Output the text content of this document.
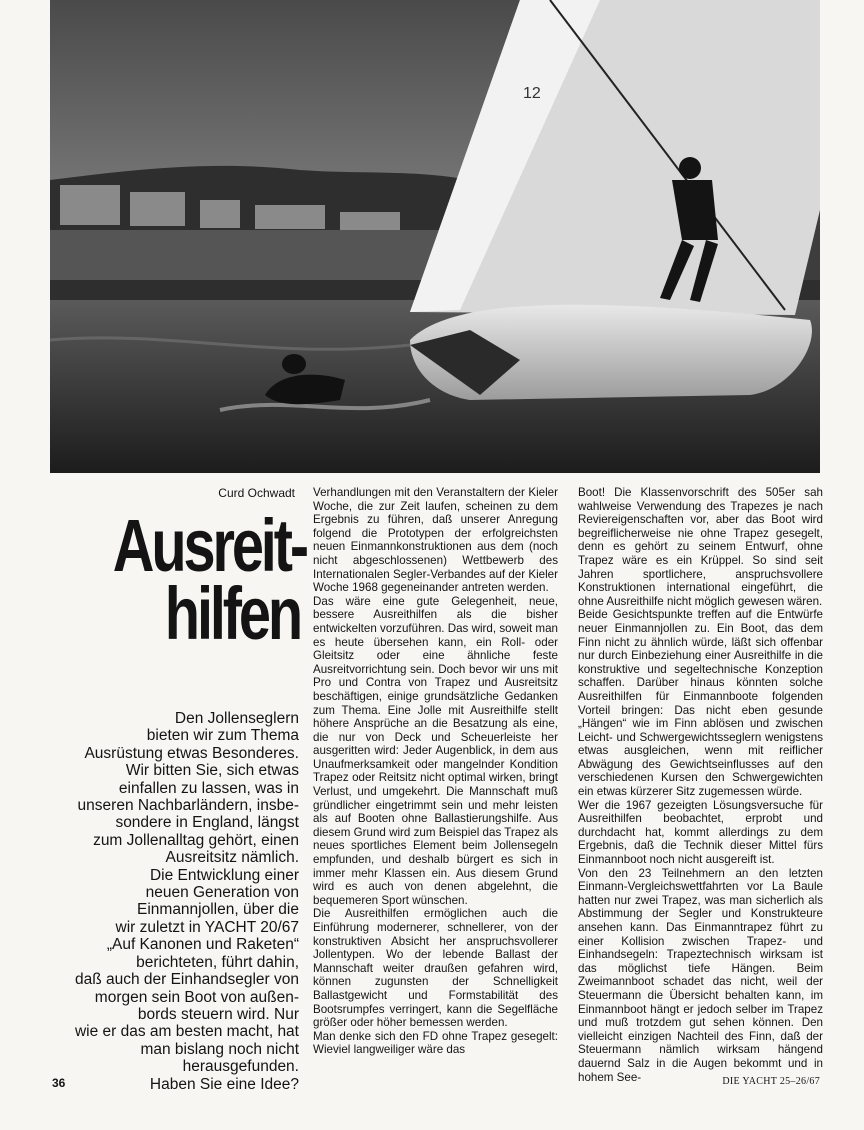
12
Curd Ochwadt
Ausreit-
hilfen
Den Jollenseglern
bieten wir zum Thema
Ausrüstung etwas Besonderes.
Wir bitten Sie, sich etwas
einfallen zu lassen, was in
unseren Nachbarländern, insbe-
sondere in England, längst
zum Jollenalltag gehört, einen
Ausreitsitz nämlich.
Die Entwicklung einer
neuen Generation von
Einmannjollen, über die
wir zuletzt in YACHT 20/67
„Auf Kanonen und Raketen“
berichteten, führt dahin,
daß auch der Einhandsegler von
morgen sein Boot von außen-
bords steuern wird. Nur
wie er das am besten macht, hat
man bislang noch nicht
herausgefunden.
Haben Sie eine Idee?

Verhandlungen mit den Veranstaltern der Kieler Woche, die zur Zeit laufen, scheinen zu dem Ergebnis zu führen, daß unserer Anregung folgend die Prototypen der erfolgreichsten neuen Einmannkonstruktionen aus dem (noch nicht abgeschlossenen) Wettbewerb des Internationalen Segler-Verbandes auf der Kieler Woche 1968 gegeneinander antreten werden.

Das wäre eine gute Gelegenheit, neue, bessere Ausreithilfen als die bisher entwickelten vorzuführen. Das wird, soweit man es heute übersehen kann, ein Roll- oder Gleitsitz oder eine ähnliche feste Ausreitvorrichtung sein. Doch bevor wir uns mit Pro und Contra von Trapez und Ausreitsitz beschäftigen, einige grundsätzliche Gedanken zum Thema. Eine Jolle mit Ausreithilfe stellt höhere Ansprüche an die Besatzung als eine, die nur von Deck und Scheuerleiste her ausgeritten wird: Jeder Augenblick, in dem aus Unaufmerksamkeit oder mangelnder Kondition Trapez oder Reitsitz nicht optimal wirken, bringt Verlust, und umgekehrt. Die Mannschaft muß gründlicher eingetrimmt sein und mehr leisten als auf Booten ohne Ballastierungshilfe. Aus diesem Grund wird zum Beispiel das Trapez als neues sportliches Element beim Jollensegeln empfunden, und deshalb bürgert es sich in immer mehr Klassen ein. Aus diesem Grund wird es auch von denen abgelehnt, die bequemeren Sport wünschen.

Die Ausreithilfen ermöglichen auch die Einführung modernerer, schnellerer, von der konstruktiven Absicht her anspruchsvollerer Jollentypen. Wo der lebende Ballast der Mannschaft weiter draußen gefahren wird, können zugunsten der Schnelligkeit Ballastgewicht und Formstabilität des Bootsrumpfes verringert, kann die Segelfläche größer oder höher bemessen werden.

Man denke sich den FD ohne Trapez gesegelt: Wieviel langweiliger wäre das

Boot! Die Klassenvorschrift des 505er sah wahlweise Verwendung des Trapezes je nach Reviereigenschaften vor, aber das Boot wird begreiflicherweise nie ohne Trapez gesegelt, denn es gehört zu seinem Entwurf, ohne Trapez wäre es ein Krüppel. So sind seit Jahren sportlichere, anspruchsvollere Konstruktionen international eingeführt, die ohne Ausreithilfe nicht möglich gewesen wären.

Beide Gesichtspunkte treffen auf die Entwürfe neuer Einmannjollen zu. Ein Boot, das dem Finn nicht zu ähnlich würde, läßt sich offenbar nur durch Einbeziehung einer Ausreithilfe in die konstruktive und segeltechnische Konzeption schaffen. Darüber hinaus könnten solche Ausreithilfen für Einmannboote folgenden Vorteil bringen: Das nicht eben gesunde „Hängen“ wie im Finn ablösen und zwischen Leicht- und Schwergewichtsseglern wenigstens etwas ausgleichen, wenn mit reiflicher Abwägung des Gewichtseinflusses auf den verschiedenen Kursen den Schwergewichten ein etwas kürzerer Sitz zugemessen würde.

Wer die 1967 gezeigten Lösungsversuche für Ausreithilfen beobachtet, erprobt und durchdacht hat, kommt allerdings zu dem Ergebnis, daß die Technik dieser Mittel fürs Einmannboot noch nicht ausgereift ist.

Von den 23 Teilnehmern an den letzten Einmann-Vergleichswettfahrten vor La Baule hatten nur zwei Trapez, was man sicherlich als Abstimmung der Segler und Konstrukteure ansehen kann. Das Einmanntrapez führt zu einer Kollision zwischen Trapez- und Einhandsegeln: Trapeztechnisch wirksam ist das möglichst tiefe Hängen. Beim Zweimannboot schadet das nicht, weil der Steuermann die Übersicht behalten kann, im Einmannboot hängt er jedoch selber im Trapez und muß trotzdem gut sehen können. Den vielleicht einzigen Nachteil des Finn, daß der Steuermann nämlich wirksam hängend dauernd Salz in die Augen bekommt und in hohem See-

36	DIE YACHT 25–26/67
